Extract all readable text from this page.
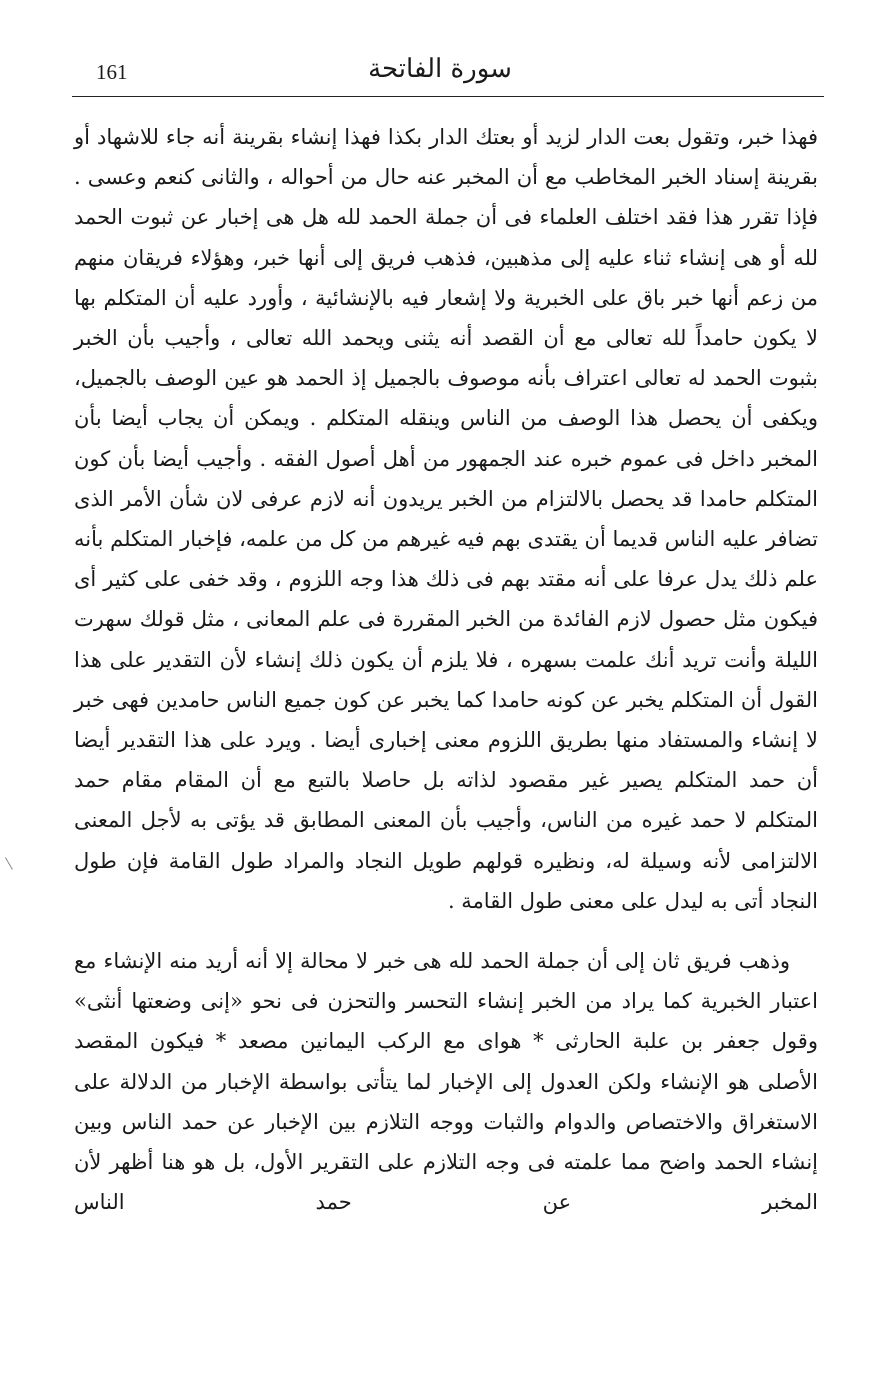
161	سورة الفاتحة

فهذا خبر، وتقول بعت الدار لزيد أو بعتك الدار بكذا فهذا إنشاء بقرينة أنه جاء للاشهاد أو بقرينة إسناد الخبر المخاطب مع أن المخبر عنه حال من أحواله ، والثانى كنعم وعسى . فإذا تقرر هذا فقد اختلف العلماء فى أن جملة الحمد لله هل هى إخبار عن ثبوت الحمد لله أو هى إنشاء ثناء عليه إلى مذهبين، فذهب فريق إلى أنها خبر، وهؤلاء فريقان منهم من زعم أنها خبر باق على الخبرية ولا إشعار فيه بالإنشائية ، وأورد عليه أن المتكلم بها لا يكون حامداً لله تعالى مع أن القصد أنه يثنى ويحمد الله تعالى ، وأجيب بأن الخبر بثبوت الحمد له تعالى اعتراف بأنه موصوف بالجميل إذ الحمد هو عين الوصف بالجميل، ويكفى أن يحصل هذا الوصف من الناس وينقله المتكلم . ويمكن أن يجاب أيضا بأن المخبر داخل فى عموم خبره عند الجمهور من أهل أصول الفقه . وأجيب أيضا بأن كون المتكلم حامدا قد يحصل بالالتزام من الخبر يريدون أنه لازم عرفى لان شأن الأمر الذى تضافر عليه الناس قديما أن يقتدى بهم فيه غيرهم من كل من علمه، فإخبار المتكلم بأنه علم ذلك يدل عرفا على أنه مقتد بهم فى ذلك هذا وجه اللزوم ، وقد خفى على كثير أى فيكون مثل حصول لازم الفائدة من الخبر المقررة فى علم المعانى ، مثل قولك سهرت الليلة وأنت تريد أنك علمت بسهره ، فلا يلزم أن يكون ذلك إنشاء لأن التقدير على هذا القول أن المتكلم يخبر عن كونه حامدا كما يخبر عن كون جميع الناس حامدين فهى خبر لا إنشاء والمستفاد منها بطريق اللزوم معنى إخبارى أيضا . ويرد على هذا التقدير أيضا أن حمد المتكلم يصير غير مقصود لذاته بل حاصلا بالتبع مع أن المقام مقام حمد المتكلم لا حمد غيره من الناس، وأجيب بأن المعنى المطابق قد يؤتى به لأجل المعنى الالتزامى لأنه وسيلة له، ونظيره قولهم طويل النجاد والمراد طول القامة فإن طول النجاد أتى به ليدل على معنى طول القامة .

وذهب فريق ثان إلى أن جملة الحمد لله هى خبر لا محالة إلا أنه أريد منه الإنشاء مع اعتبار الخبرية كما يراد من الخبر إنشاء التحسر والتحزن فى نحو «إنى وضعتها أنثى» وقول جعفر بن علبة الحارثى * هواى مع الركب اليمانين مصعد * فيكون المقصد الأصلى هو الإنشاء ولكن العدول إلى الإخبار لما يتأتى بواسطة الإخبار من الدلالة على الاستغراق والاختصاص والدوام والثبات ووجه التلازم بين الإخبار عن حمد الناس وبين إنشاء الحمد واضح مما علمته فى وجه التلازم على التقرير الأول، بل هو هنا أظهر لأن المخبر عن حمد الناس
